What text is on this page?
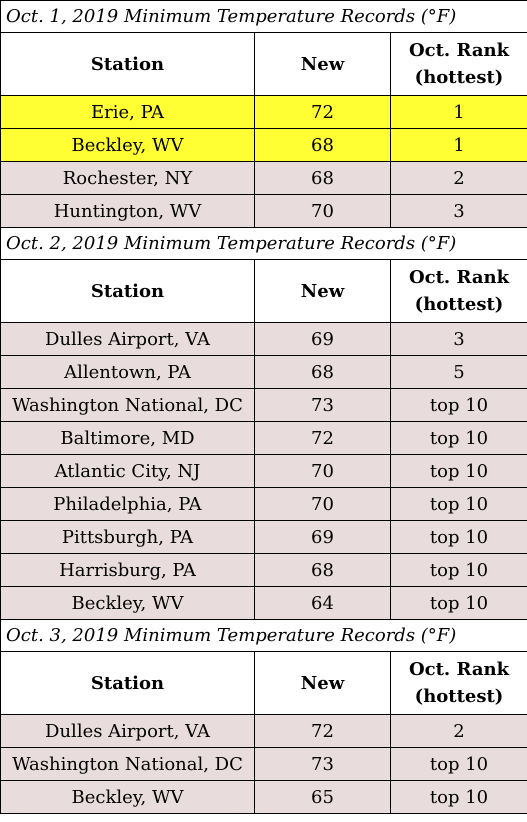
Oct. 1, 2019 Minimum Temperature Records (°F)		
Station	New	Oct. Rank
(hottest)

Erie, PA	72	1
Beckley, WV	68	1
Rochester, NY	68	2
Huntington, WV	70	3
Oct. 2, 2019 Minimum Temperature Records (°F)		
Station	New	Oct. Rank
(hottest)

Dulles Airport, VA	69	3
Allentown, PA	68	5
Washington National, DC	73	top 10
Baltimore, MD	72	top 10
Atlantic City, NJ	70	top 10
Philadelphia, PA	70	top 10
Pittsburgh, PA	69	top 10
Harrisburg, PA	68	top 10
Beckley, WV	64	top 10
Oct. 3, 2019 Minimum Temperature Records (°F)		
Station	New	Oct. Rank
(hottest)

Dulles Airport, VA	72	2
Washington National, DC	73	top 10
Beckley, WV	65	top 10
